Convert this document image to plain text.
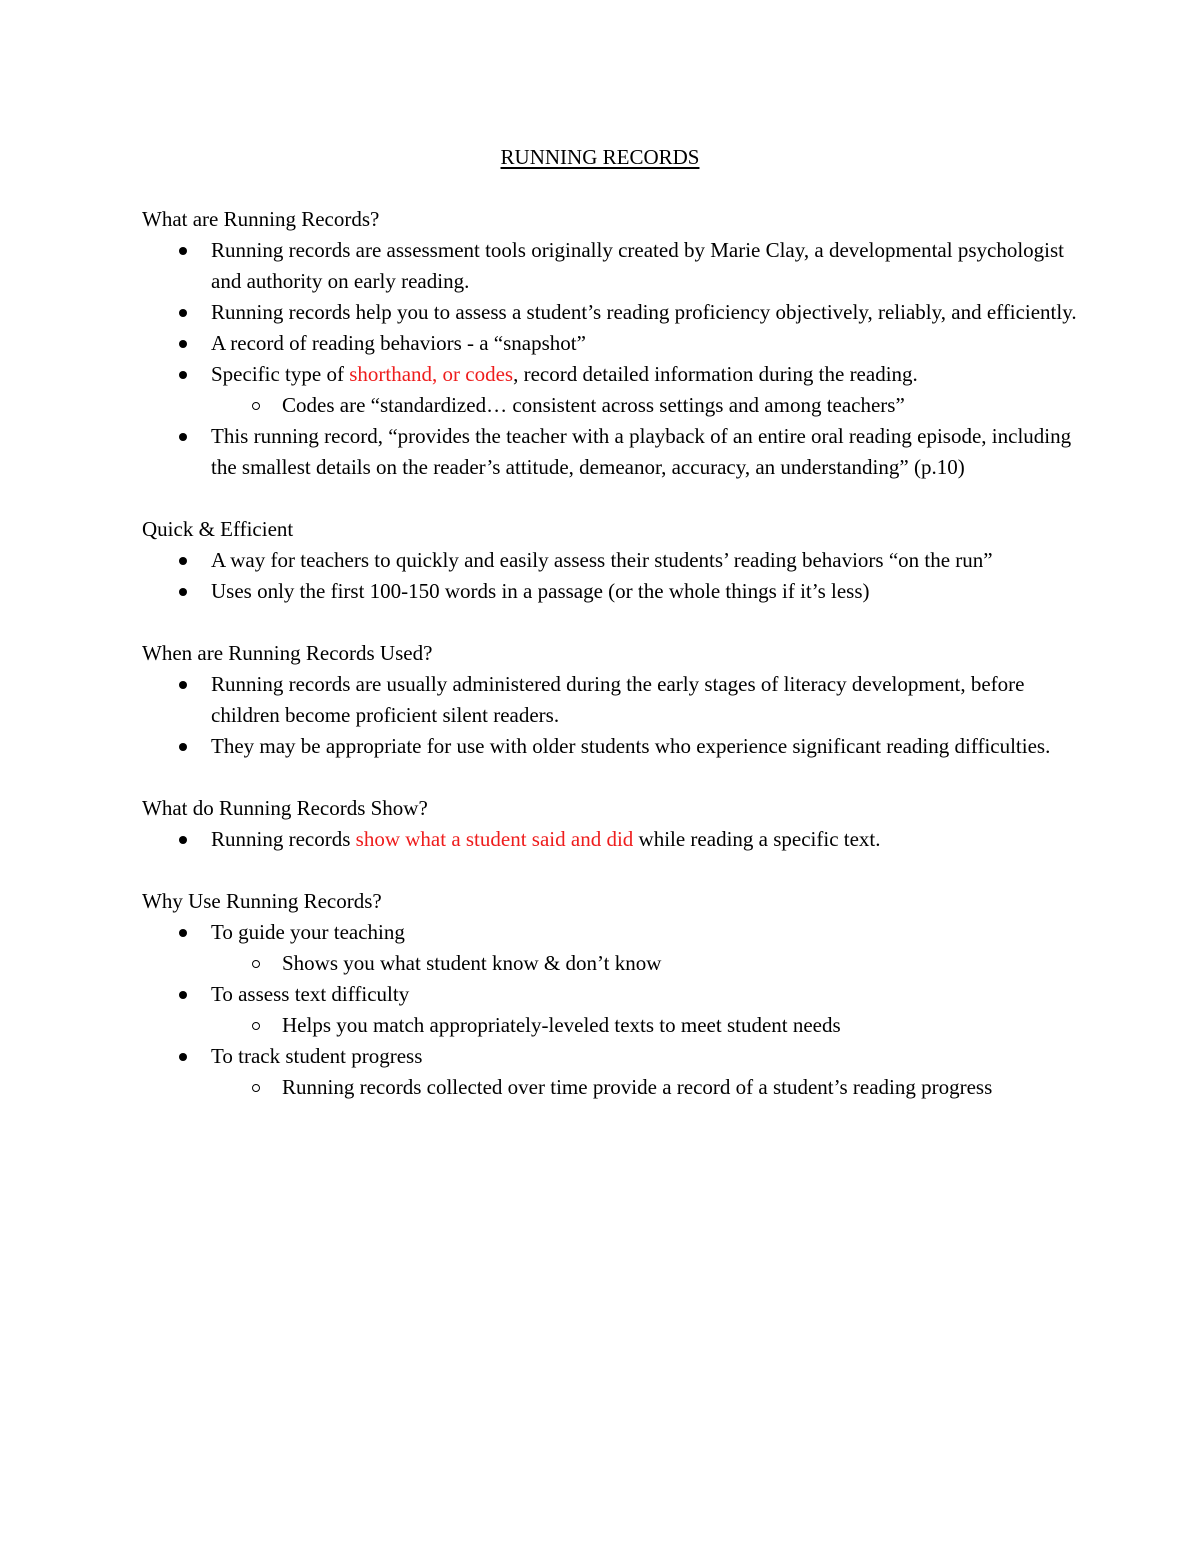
RUNNING RECORDS

What are Running Records?

Running records are assessment tools originally created by Marie Clay, a developmental psychologist and authority on early reading.
Running records help you to assess a student’s reading proficiency objectively, reliably, and efficiently.
A record of reading behaviors - a “snapshot”
Specific type of shorthand, or codes, record detailed information during the reading.
Codes are “standardized… consistent across settings and among teachers”
This running record, “provides the teacher with a playback of an entire oral reading episode, including the smallest details on the reader’s attitude, demeanor, accuracy, an understanding” (p.10)

Quick & Efficient

A way for teachers to quickly and easily assess their students’ reading behaviors “on the run”
Uses only the first 100-150 words in a passage (or the whole things if it’s less)

When are Running Records Used?

Running records are usually administered during the early stages of literacy development, before children become proficient silent readers.
They may be appropriate for use with older students who experience significant reading difficulties.

What do Running Records Show?

Running records show what a student said and did while reading a specific text.

Why Use Running Records?

To guide your teaching
Shows you what student know & don’t know
To assess text difficulty
Helps you match appropriately-leveled texts to meet student needs
To track student progress
Running records collected over time provide a record of a student’s reading progress
